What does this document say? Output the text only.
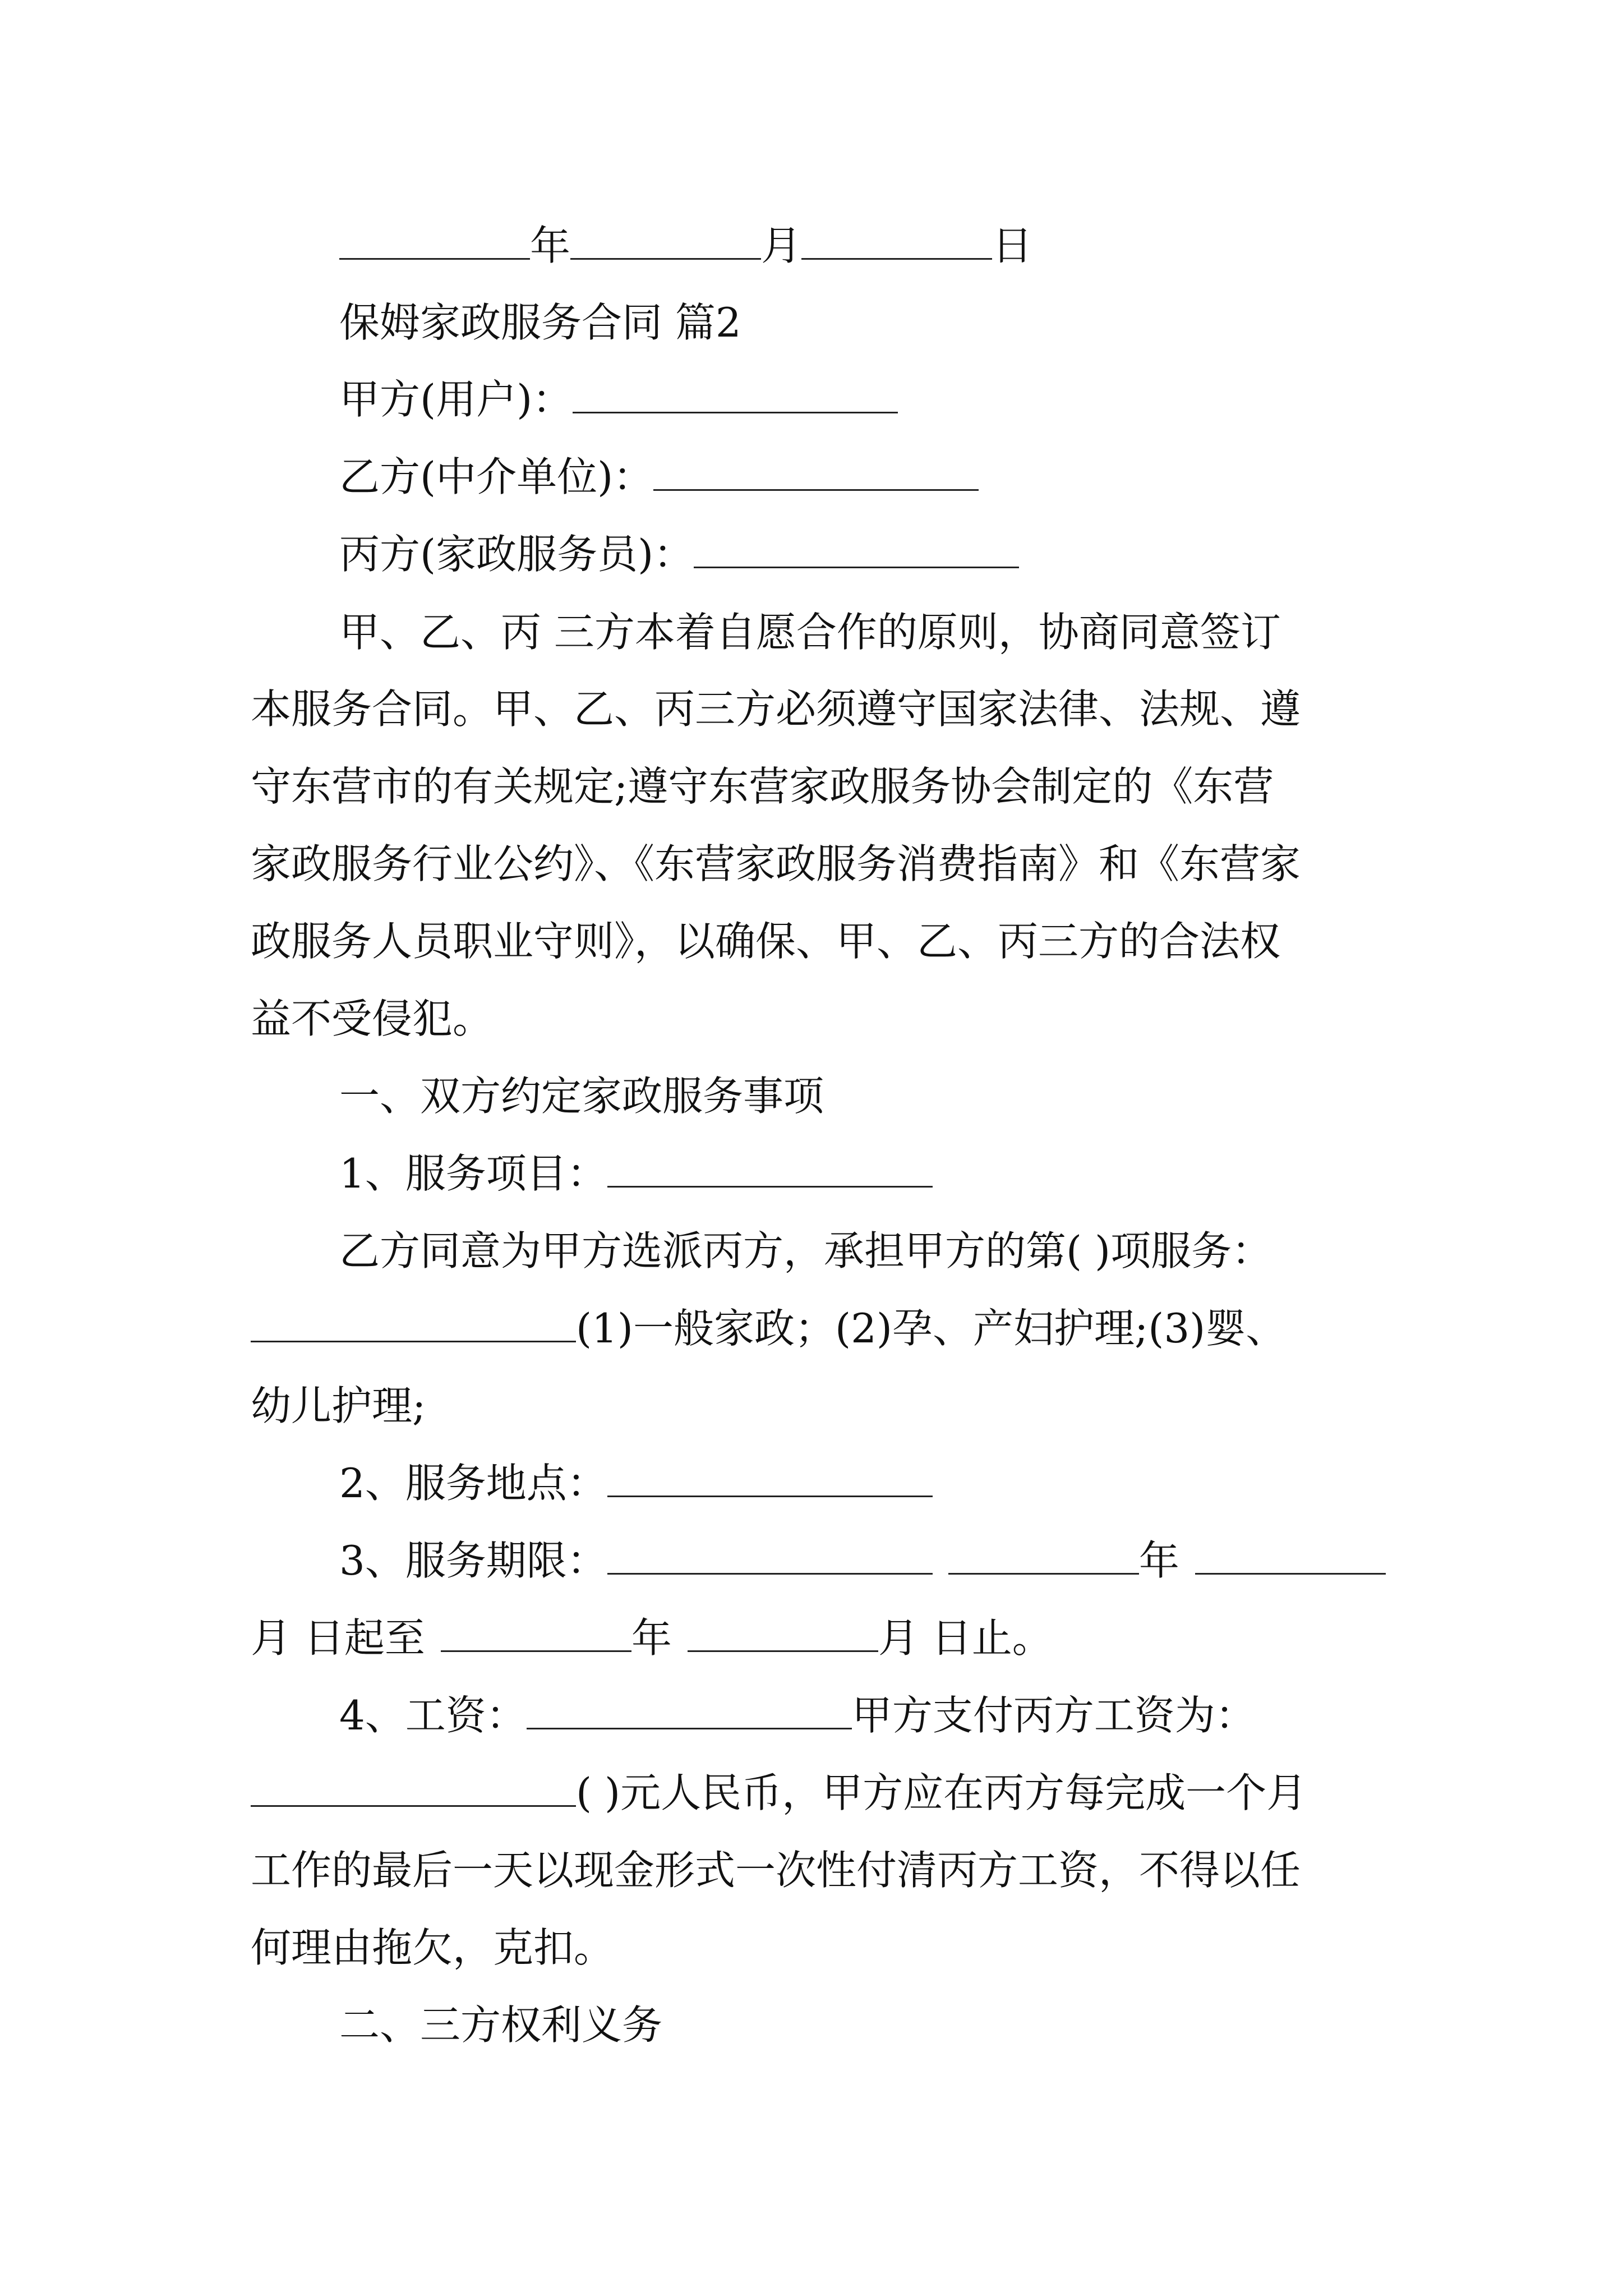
年	月	日
保姆家政服务合同 篇2
甲方(用户)：
乙方(中介单位)：
丙方(家政服务员)：
甲、乙、丙 三方本着自愿合作的原则，协商同意签订
本服务合同。甲、乙、丙三方必须遵守国家法律、法规、遵
守东营市的有关规定;遵守东营家政服务协会制定的《东营
家政服务行业公约》、《东营家政服务消费指南》和《东营家
政服务人员职业守则》，以确保、甲、乙、丙三方的合法权
益不受侵犯。
一、双方约定家政服务事项
1、服务项目：
乙方同意为甲方选派丙方，承担甲方的第( )项服务：
(1)一般家政；(2)孕、产妇护理;(3)婴、
幼儿护理;
2、服务地点：
3、服务期限：	年
月 日起至	年	月 日止。
4、工资：	甲方支付丙方工资为：
( )元人民币，甲方应在丙方每完成一个月
工作的最后一天以现金形式一次性付清丙方工资，不得以任
何理由拖欠，克扣。
二、三方权利义务
